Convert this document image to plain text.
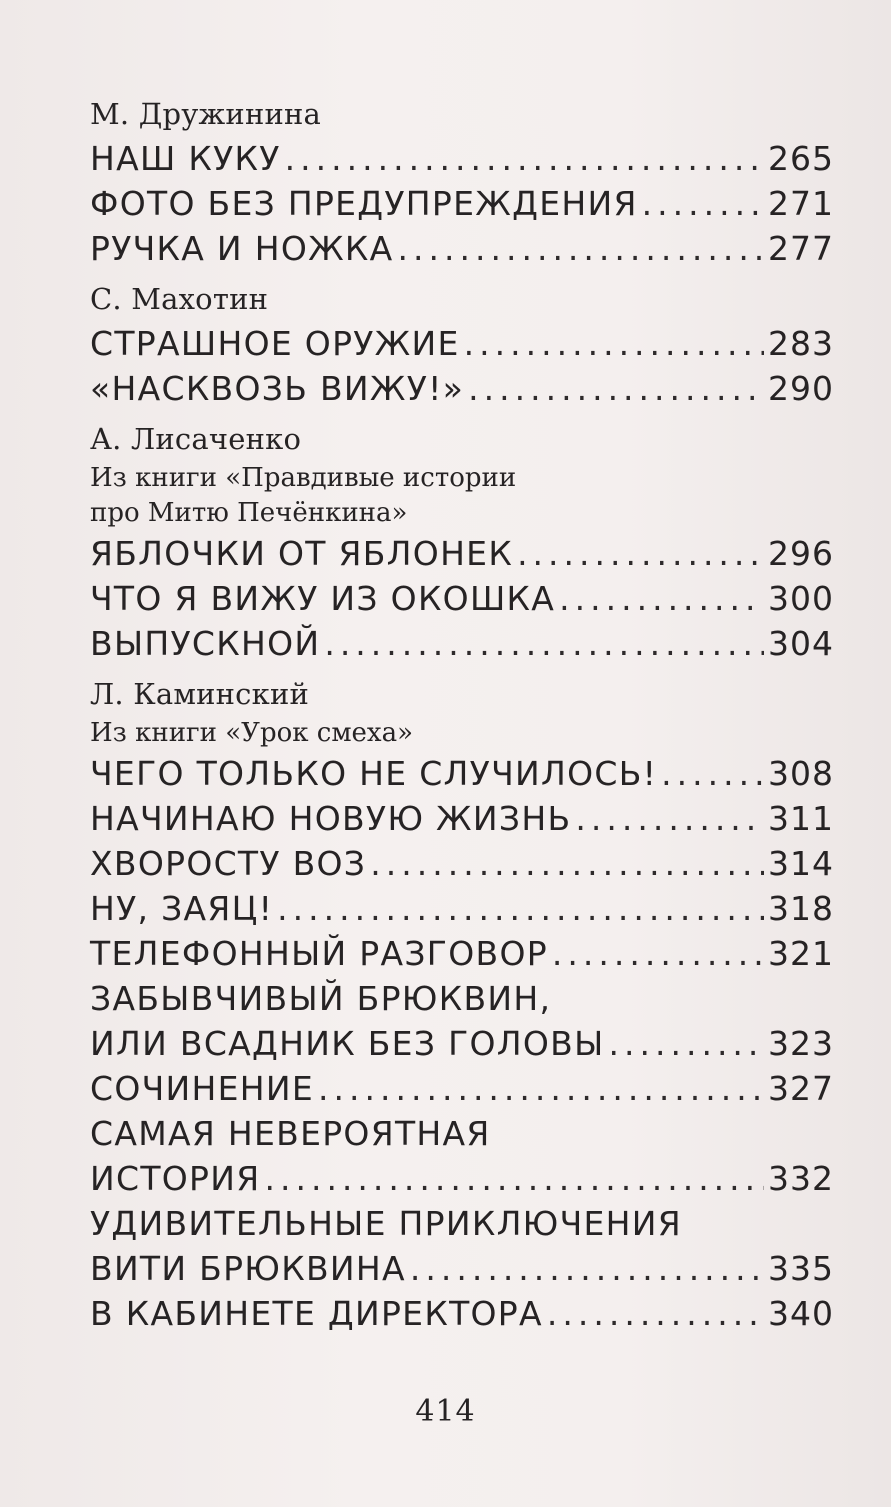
М. Дружинина
НАШ КУКУ .....	265
ФОТО БЕЗ ПРЕДУПРЕЖДЕНИЯ .....	271
РУЧКА И НОЖКА .....	277
С. Махотин
СТРАШНОЕ ОРУЖИЕ .....	283
«НАСКВОЗЬ ВИЖУ!» .....	290
А. Лисаченко
Из книги «Правдивые истории
про Митю Печёнкина»
ЯБЛОЧКИ ОТ ЯБЛОНЕК .....	296
ЧТО Я ВИЖУ ИЗ ОКОШКА .....	300
ВЫПУСКНОЙ .....	304
Л. Каминский
Из книги «Урок смеха»
ЧЕГО ТОЛЬКО НЕ СЛУЧИЛОСЬ! .....	308
НАЧИНАЮ НОВУЮ ЖИЗНЬ .....	311
ХВОРОСТУ ВОЗ .....	314
НУ, ЗАЯЦ! .....	318
ТЕЛЕФОННЫЙ РАЗГОВОР .....	321
ЗАБЫВЧИВЫЙ БРЮКВИН,
ИЛИ ВСАДНИК БЕЗ ГОЛОВЫ .....	323
СОЧИНЕНИЕ .....	327
САМАЯ НЕВЕРОЯТНАЯ
ИСТОРИЯ .....	332
УДИВИТЕЛЬНЫЕ ПРИКЛЮЧЕНИЯ
ВИТИ БРЮКВИНА .....	335
В КАБИНЕТЕ ДИРЕКТОРА .....	340
414
